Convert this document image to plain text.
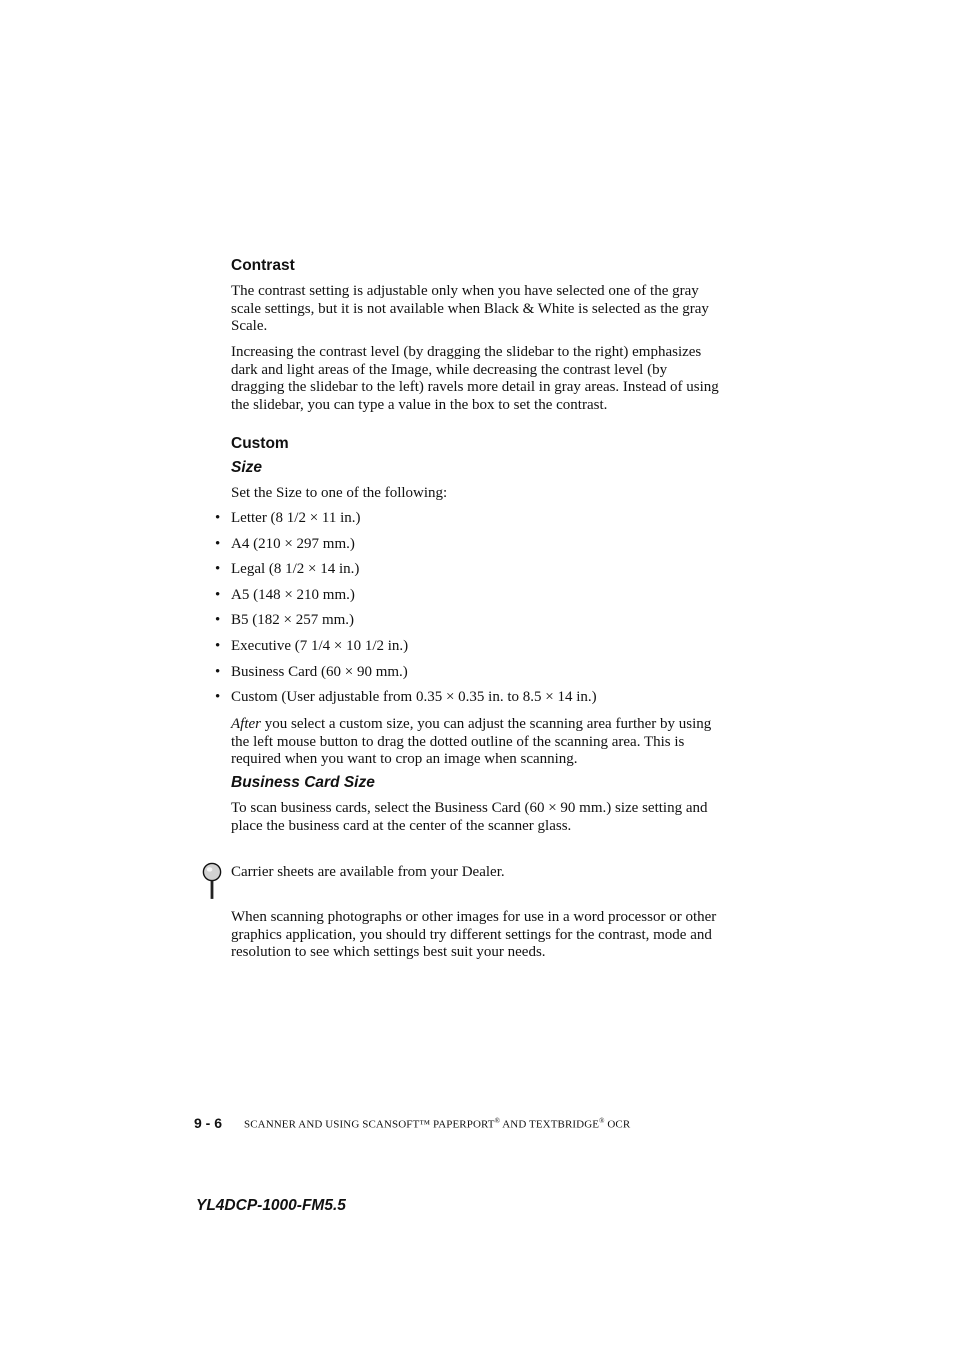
Contrast

The contrast setting is adjustable only when you have selected one of the gray scale settings, but it is not available when Black & White is selected as the gray Scale.

Increasing the contrast level (by dragging the slidebar to the right) emphasizes dark and light areas of the Image, while decreasing the contrast level (by dragging the slidebar to the left) ravels more detail in gray areas. Instead of using the slidebar, you can type a value in the box to set the contrast.

Custom
Size

Set the Size to one of the following:

• Letter (8 1/2 × 11 in.)
• A4 (210 × 297 mm.)
• Legal (8 1/2 × 14 in.)
• A5 (148 × 210 mm.)
• B5 (182 × 257 mm.)
• Executive (7 1/4 × 10 1/2 in.)
• Business Card (60 × 90 mm.)
• Custom (User adjustable from 0.35 × 0.35 in. to 8.5 × 14 in.)

After you select a custom size, you can adjust the scanning area further by using the left mouse button to drag the dotted outline of the scanning area. This is required when you want to crop an image when scanning.

Business Card Size

To scan business cards, select the Business Card (60 × 90 mm.) size setting and place the business card at the center of the scanner glass.

Carrier sheets are available from your Dealer.

When scanning photographs or other images for use in a word processor or other graphics application, you should try different settings for the contrast, mode and resolution to see which settings best suit your needs.

9 - 6 SCANNER AND USING SCANSOFT™ PAPERPORT® AND TEXTBRIDGE® OCR
YL4DCP-1000-FM5.5
